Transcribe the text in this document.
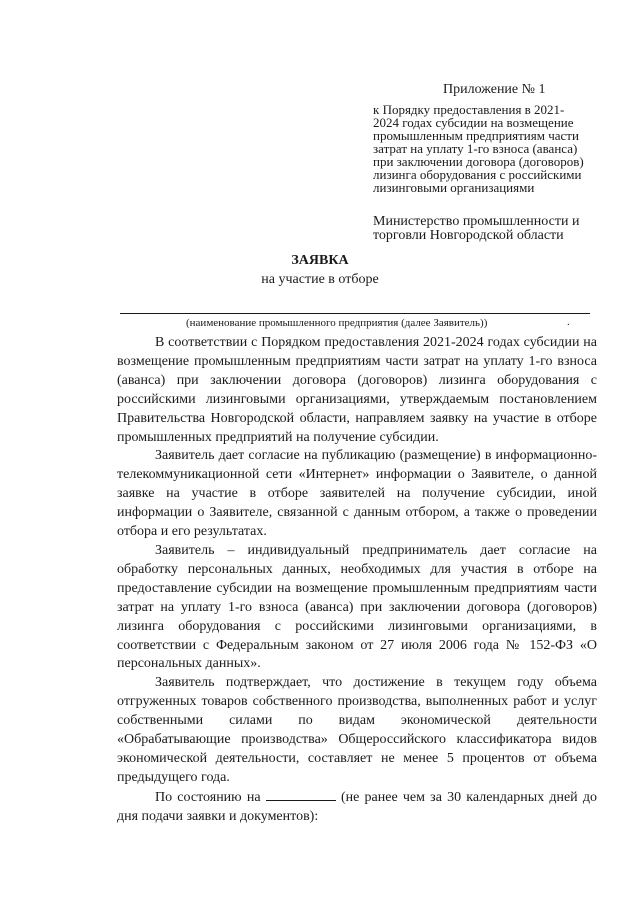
Приложение № 1
к Порядку предоставления в 2021-
2024 годах субсидии на возмещение
промышленным предприятиям части
затрат на уплату 1-го взноса (аванса)
при заключении договора (договоров)
лизинга оборудования с российскими
лизинговыми организациями
Министерство промышленности и
торговли Новгородской области
ЗАЯВКА
на участие в отборе
(наименование промышленного предприятия (далее Заявитель))	.

В соответствии с Порядком предоставления 2021-2024 годах субсидии на возмещение промышленным предприятиям части затрат на уплату 1-го взноса (аванса) при заключении договора (договоров) лизинга оборудования с российскими лизинговыми организациями, утверждаемым постановлением Правительства Новгородской области, направляем заявку на участие в отборе промышленных предприятий на получение субсидии.

Заявитель дает согласие на публикацию (размещение) в информационно-телекоммуникационной сети «Интернет» информации о Заявителе, о данной заявке на участие в отборе заявителей на получение субсидии, иной информации о Заявителе, связанной с данным отбором, а также о проведении отбора и его результатах.

Заявитель – индивидуальный предприниматель дает согласие на обработку персональных данных, необходимых для участия в отборе на предоставление субсидии на возмещение промышленным предприятиям части затрат на уплату 1-го взноса (аванса) при заключении договора (договоров) лизинга оборудования с российскими лизинговыми организациями, в соответствии с Федеральным законом от 27 июля 2006 года № 152-ФЗ «О персональных данных».

Заявитель подтверждает, что достижение в текущем году объема отгруженных товаров собственного производства, выполненных работ и услуг собственными силами по видам экономической деятельности «Обрабатывающие производства» Общероссийского классификатора видов экономической деятельности, составляет не менее 5 процентов от объема предыдущего года.

По состоянию на	(не ранее чем за 30 календарных дней до дня подачи заявки и документов):
